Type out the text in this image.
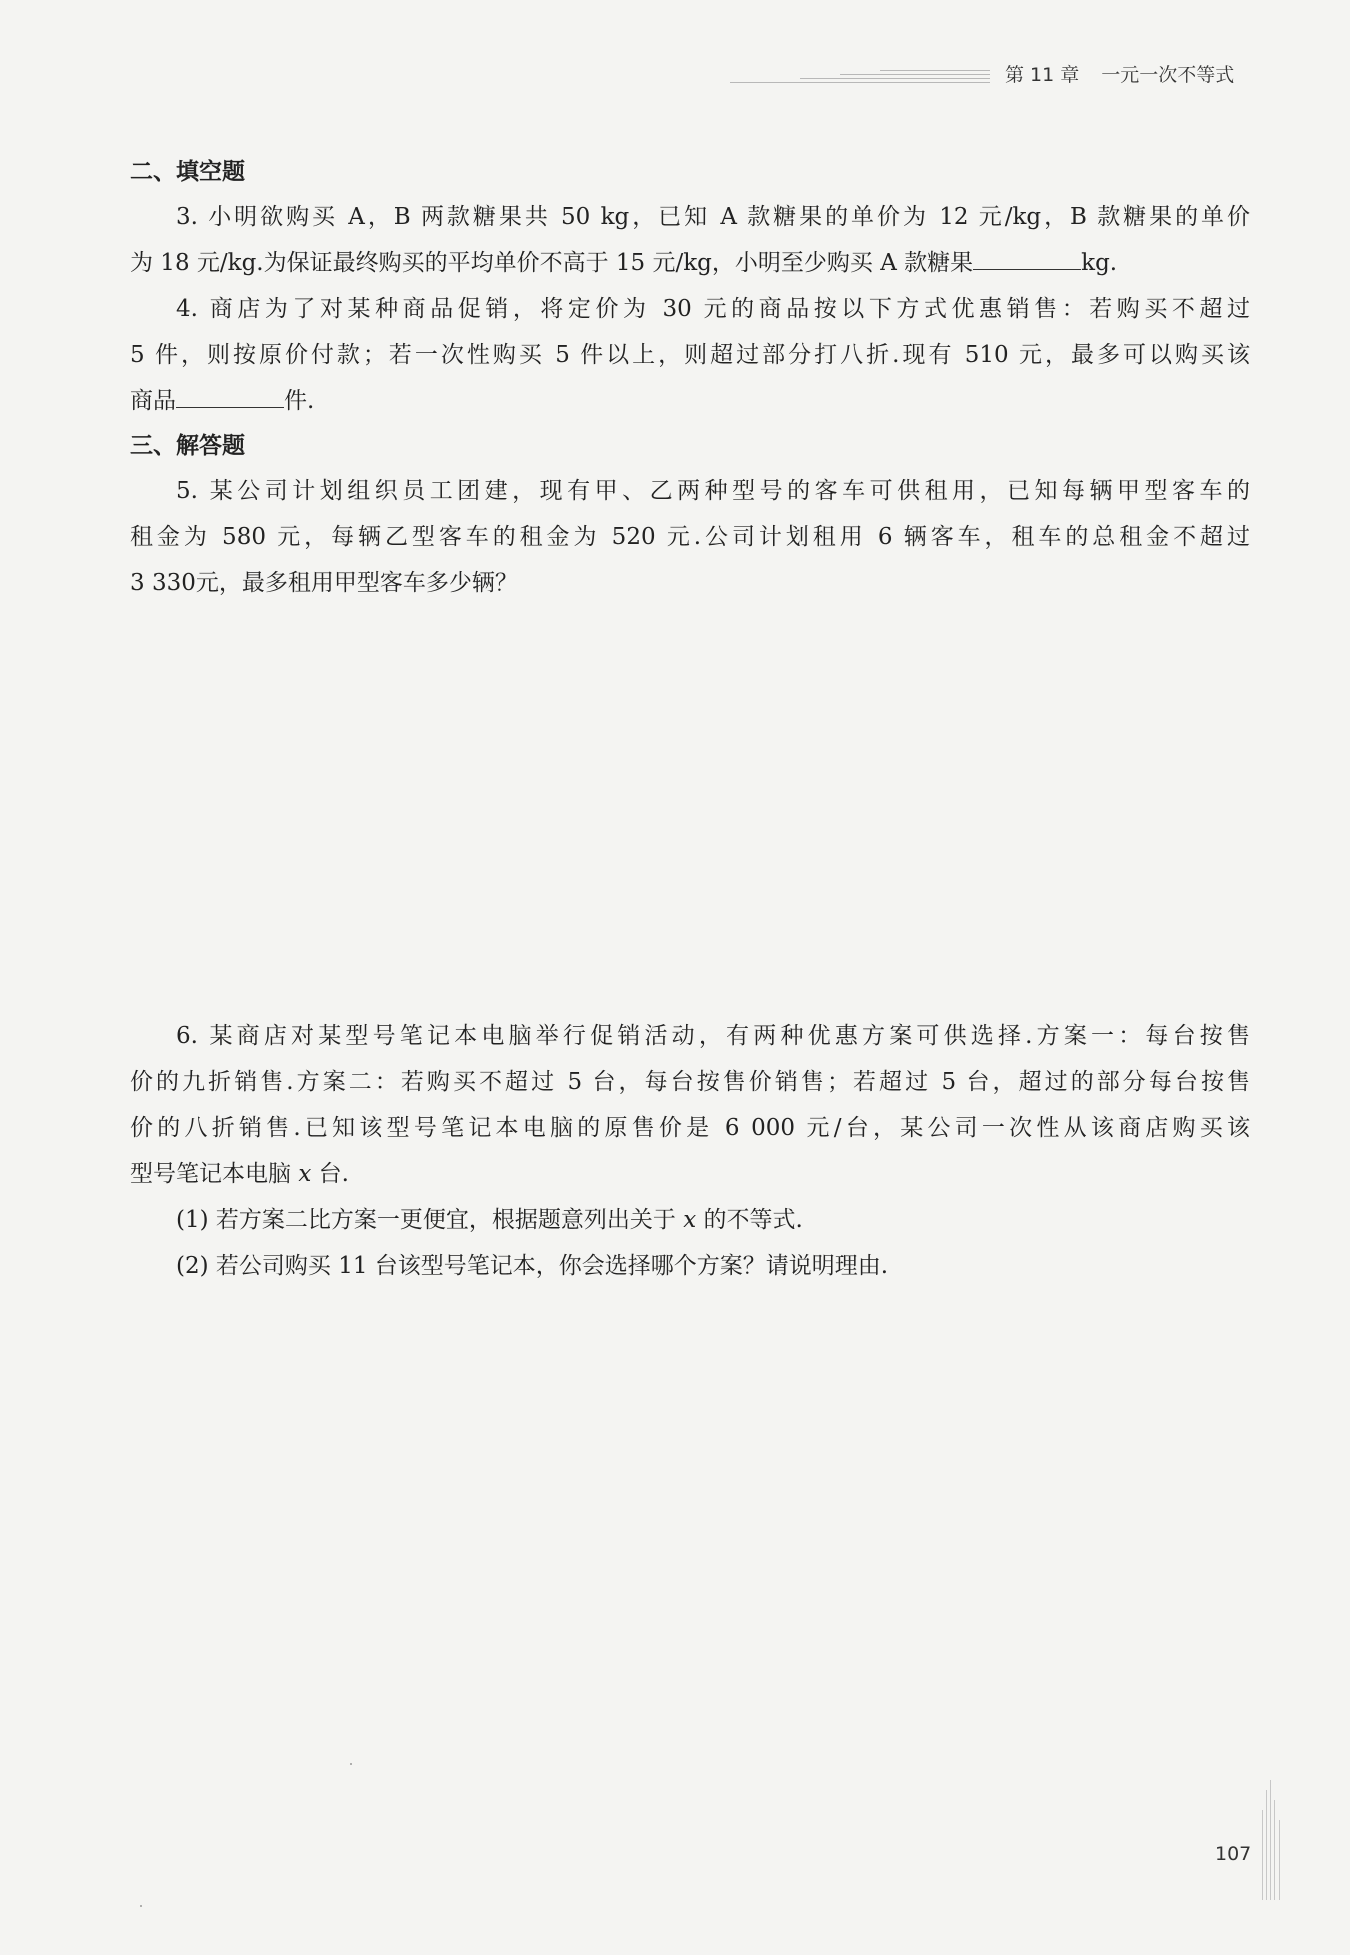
第 11 章 一元一次不等式

二、填空题

3. 小明欲购买 A，B 两款糖果共 50 kg，已知 A 款糖果的单价为 12 元/kg，B 款糖果的单价

为 18 元/kg.为保证最终购买的平均单价不高于 15 元/kg，小明至少购买 A 款糖果	kg.

4. 商店为了对某种商品促销，将定价为 30 元的商品按以下方式优惠销售：若购买不超过

5 件，则按原价付款；若一次性购买 5 件以上，则超过部分打八折.现有 510 元，最多可以购买该

商品	件.

三、解答题

5. 某公司计划组织员工团建，现有甲、乙两种型号的客车可供租用，已知每辆甲型客车的

租金为 580 元，每辆乙型客车的租金为 520 元.公司计划租用 6 辆客车，租车的总租金不超过

3 330元，最多租用甲型客车多少辆？

6. 某商店对某型号笔记本电脑举行促销活动，有两种优惠方案可供选择.方案一：每台按售

价的九折销售.方案二：若购买不超过 5 台，每台按售价销售；若超过 5 台，超过的部分每台按售

价的八折销售.已知该型号笔记本电脑的原售价是 6 000 元/台，某公司一次性从该商店购买该

型号笔记本电脑 x 台.

(1) 若方案二比方案一更便宜，根据题意列出关于 x 的不等式.

(2) 若公司购买 11 台该型号笔记本，你会选择哪个方案？请说明理由.

107
